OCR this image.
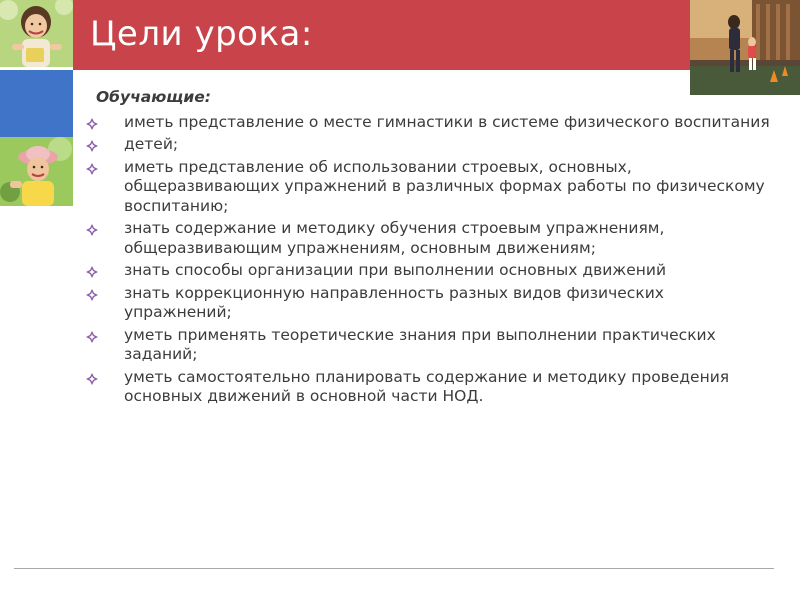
Цели урока:
Обучающие:
иметь представление о месте гимнастики в системе физического воспитания
детей;
иметь представление об использовании строевых, основных, общеразвивающих упражнений в различных формах работы по физическому воспитанию;
знать содержание и методику обучения строевым упражнениям, общеразвивающим упражнениям, основным движениям;
знать способы организации при выполнении основных движений
знать коррекционную направленность разных видов физических упражнений;
уметь применять теоретические знания при выполнении практических заданий;
уметь самостоятельно планировать содержание и методику проведения основных движений в основной части НОД.
